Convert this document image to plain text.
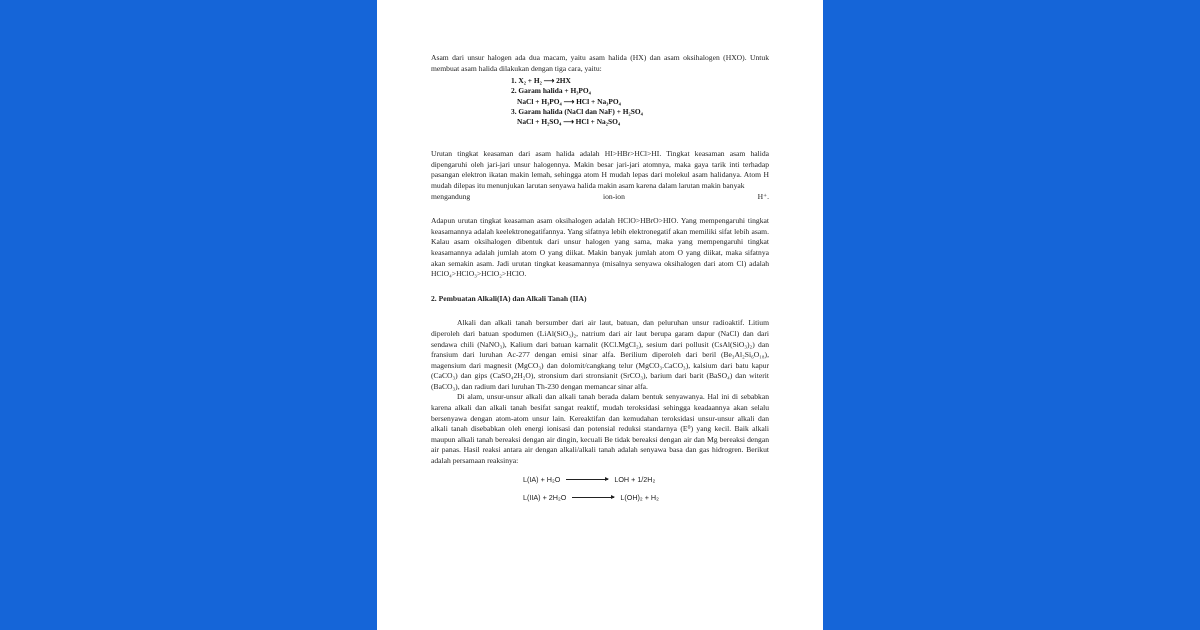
Asam dari unsur halogen ada dua macam, yaitu asam halida (HX) dan asam oksihalogen (HXO). Untuk membuat asam halida dilakukan dengan tiga cara, yaitu:

1. X₂ + H₂ ⟶ 2HX
2. Garam halida + H₃PO₄
NaCl + H₃PO₄ ⟶ HCl + Na₃PO₄
3. Garam halida (NaCl dan NaF) + H₂SO₄
NaCl + H₂SO₄ ⟶ HCl + Na₂SO₄

Urutan tingkat keasaman dari asam halida adalah HI>HBr>HCl>HI. Tingkat keasaman asam halida dipengaruhi oleh jari-jari unsur halogennya. Makin besar jari-jari atomnya, maka gaya tarik inti terhadap pasangan elektron ikatan makin lemah, sehingga atom H mudah lepas dari molekul asam halidanya. Atom H mudah dilepas itu menunjukan larutan senyawa halida makin asam karena dalam larutan makin banyak

mengandung	ion-ion	H⁺.

Adapun urutan tingkat keasaman asam oksihalogen adalah HClO>HBrO>HIO. Yang mempengaruhi tingkat keasamannya adalah keelektronegatifannya. Yang sifatnya lebih elektronegatif akan memiliki sifat lebih asam. Kalau asam oksihalogen dibentuk dari unsur halogen yang sama, maka yang mempengaruhi tingkat keasamannya adalah jumlah atom O yang diikat. Makin banyak jumlah atom O yang diikat, maka sifatnya akan semakin asam. Jadi urutan tingkat keasamannya (misalnya senyawa oksihalogen dari atom Cl) adalah HClO₄>HClO₃>HClO₂>HClO.

2. Pembuatan Alkali(IA) dan Alkali Tanah (IIA)

Alkali dan alkali tanah bersumber dari air laut, batuan, dan peluruhan unsur radioaktif. Litium diperoleh dari batuan spodumen (LiAl(SiO₃)₂, natrium dari air laut berupa garam dapur (NaCl) dan dari sendawa chili (NaNO₃), Kalium dari batuan karnalit (KCl.MgCl₂), sesium dari pollusit (CsAl(SiO₃)₂) dan fransium dari luruhan Ac-277 dengan emisi sinar alfa. Berilium diperoleh dari beril (Be₃Al₂Si₆O₁₈), magensium dari magnesit (MgCO₃) dan dolomit/cangkang telur (MgCO₃.CaCO₃), kalsium dari batu kapur (CaCO₃) dan gips (CaSO₄2H₂O), stronsium dari stronsianit (SrCO₃), barium dari barit (BaSO₄) dan witerit (BaCO₃), dan radium dari luruhan Th-230 dengan memancar sinar alfa.

Di alam, unsur-unsur alkali dan alkali tanah berada dalam bentuk senyawanya. Hal ini di sebabkan karena alkali dan alkali tanah besifat sangat reaktif, mudah teroksidasi sehingga keadaannya akan selalu bersenyawa dengan atom-atom unsur lain. Kereaktifan dan kemudahan teroksidasi unsur-unsur alkali dan alkali tanah disebabkan oleh energi ionisasi dan potensial reduksi standarnya (E⁰) yang kecil. Baik alkali maupun alkali tanah bereaksi dengan air dingin, kecuali Be tidak bereaksi dengan air dan Mg bereaksi dengan air panas. Hasil reaksi antara air dengan alkali/alkali tanah adalah senyawa basa dan gas hidrogren. Berikut adalah persamaan reaksinya:

L(IA) + H₂O	LOH + 1/2H₂
L(IIA) + 2H₂O	L(OH)₂ + H₂
